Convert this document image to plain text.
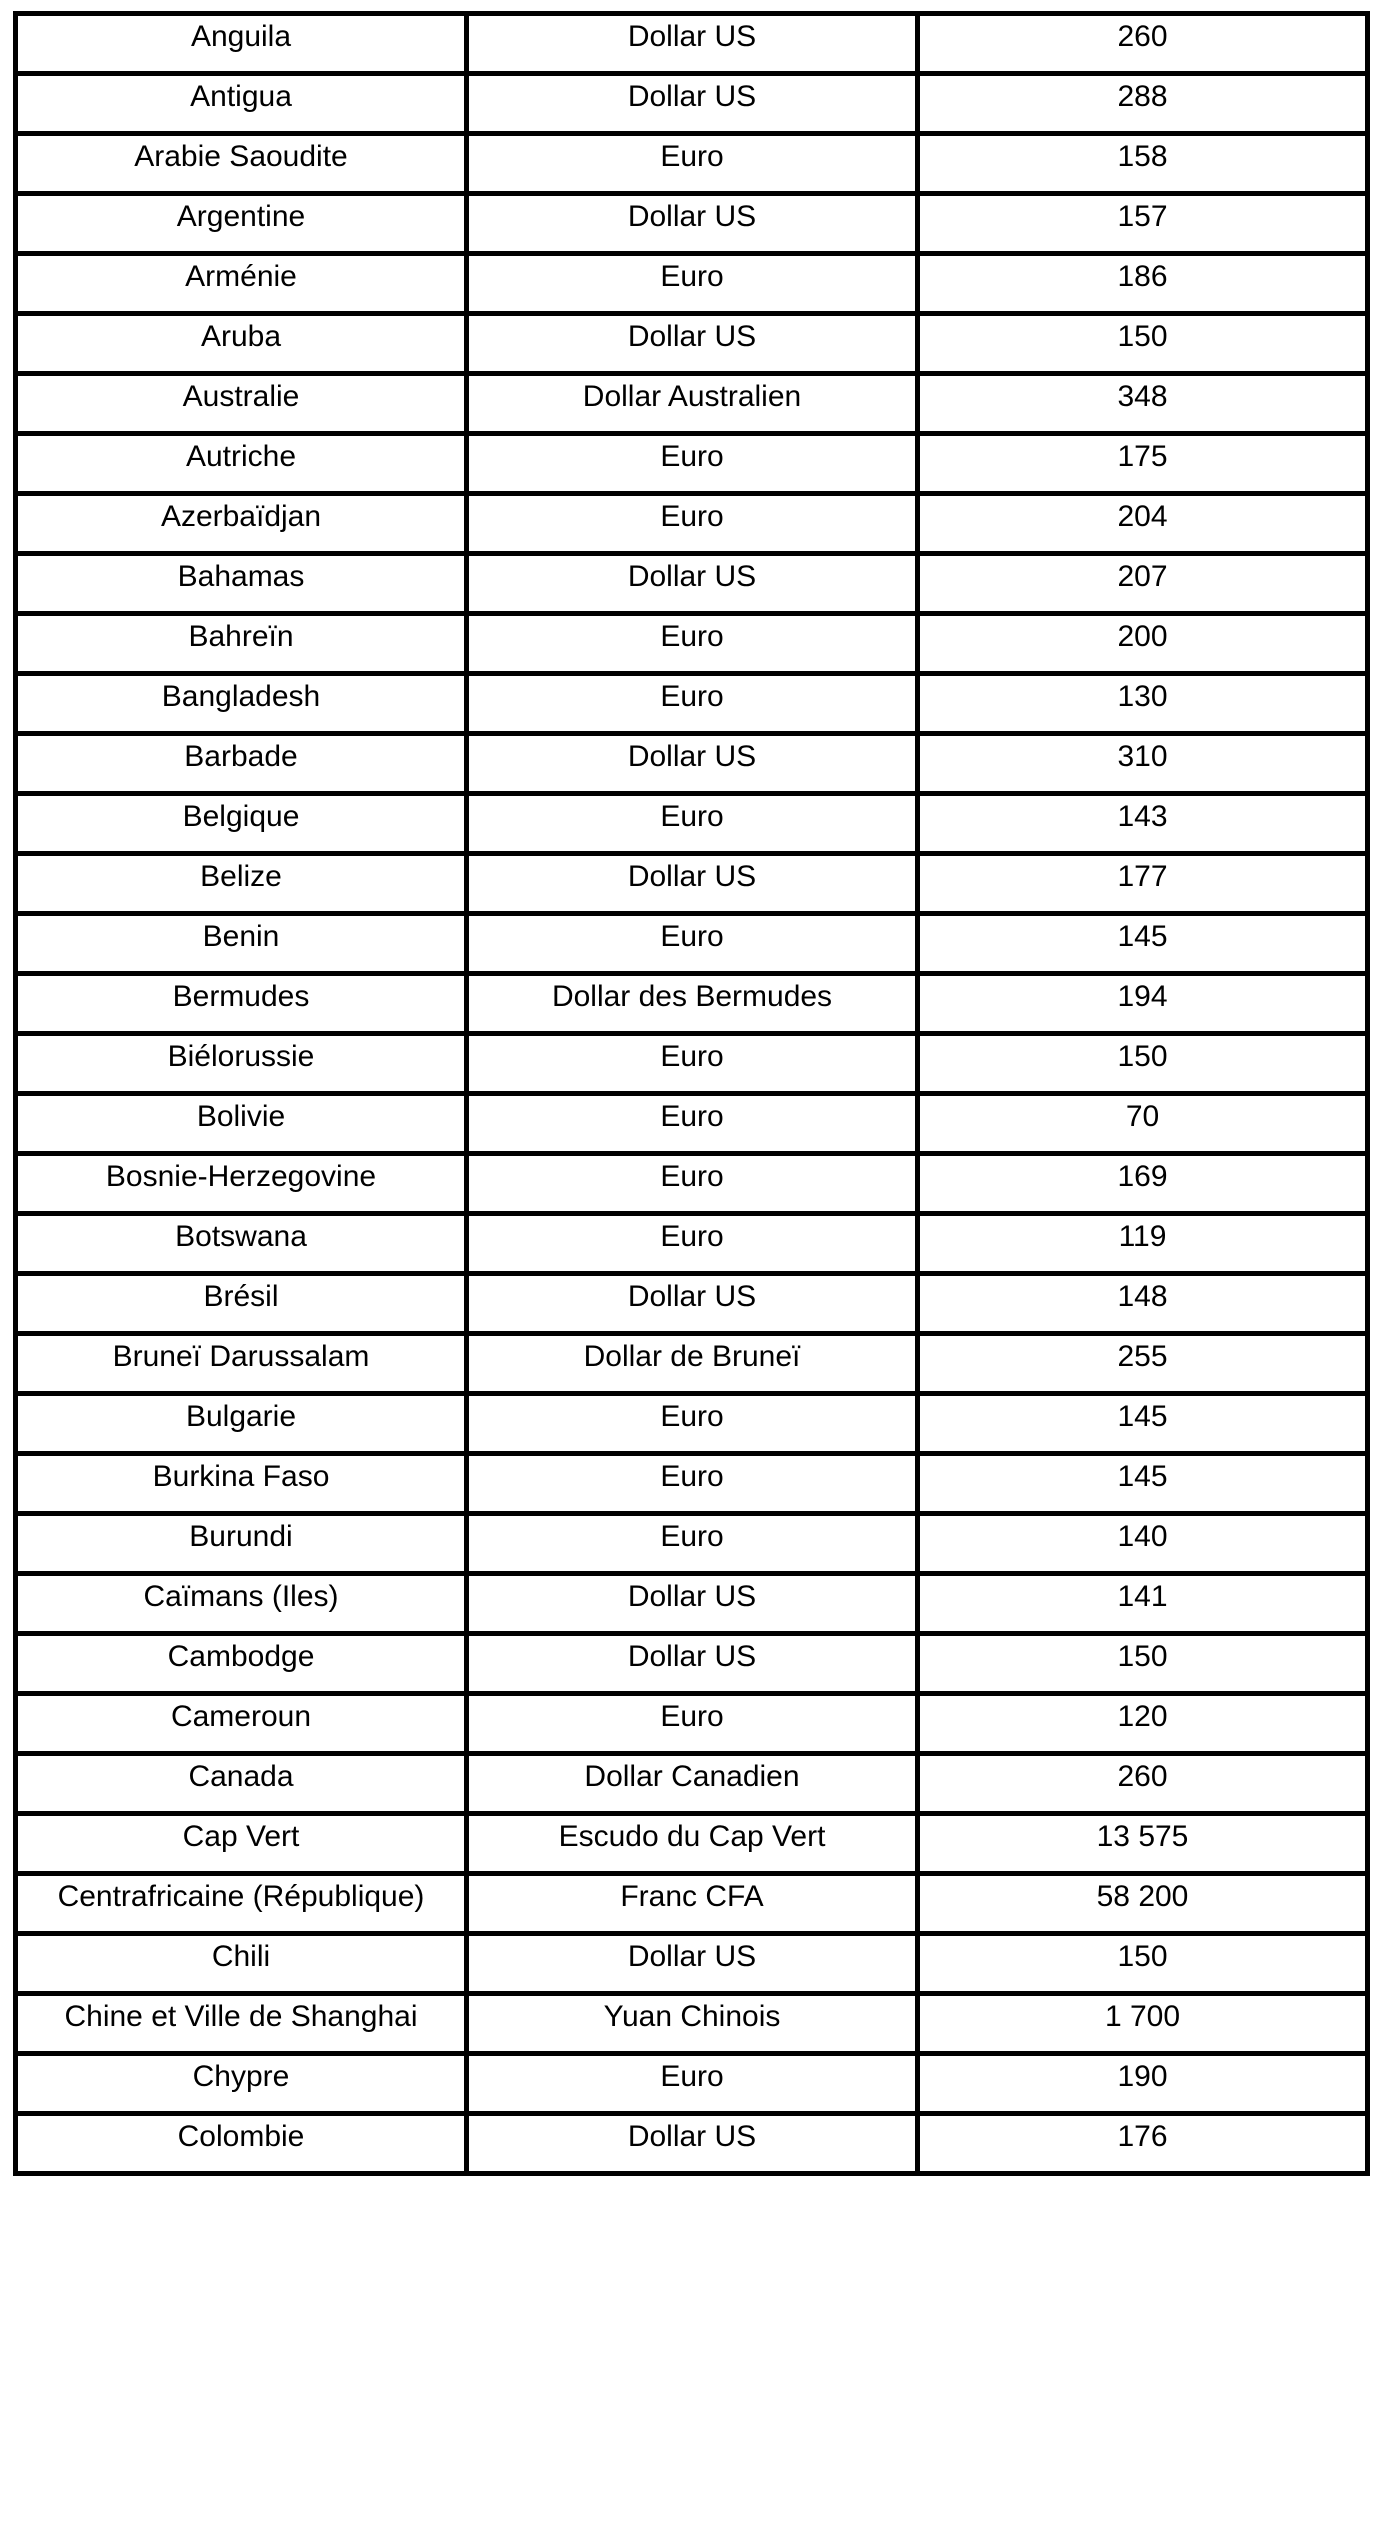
Anguila	Dollar US	260
Antigua	Dollar US	288
Arabie Saoudite	Euro	158
Argentine	Dollar US	157
Arménie	Euro	186
Aruba	Dollar US	150
Australie	Dollar Australien	348
Autriche	Euro	175
Azerbaïdjan	Euro	204
Bahamas	Dollar US	207
Bahreïn	Euro	200
Bangladesh	Euro	130
Barbade	Dollar US	310
Belgique	Euro	143
Belize	Dollar US	177
Benin	Euro	145
Bermudes	Dollar des Bermudes	194
Biélorussie	Euro	150
Bolivie	Euro	70
Bosnie-Herzegovine	Euro	169
Botswana	Euro	119
Brésil	Dollar US	148
Bruneï Darussalam	Dollar de Bruneï	255
Bulgarie	Euro	145
Burkina Faso	Euro	145
Burundi	Euro	140
Caïmans (Iles)	Dollar US	141
Cambodge	Dollar US	150
Cameroun	Euro	120
Canada	Dollar Canadien	260
Cap Vert	Escudo du Cap Vert	13 575
Centrafricaine (République)	Franc CFA	58 200
Chili	Dollar US	150
Chine et Ville de Shanghai	Yuan Chinois	1 700
Chypre	Euro	190
Colombie	Dollar US	176
